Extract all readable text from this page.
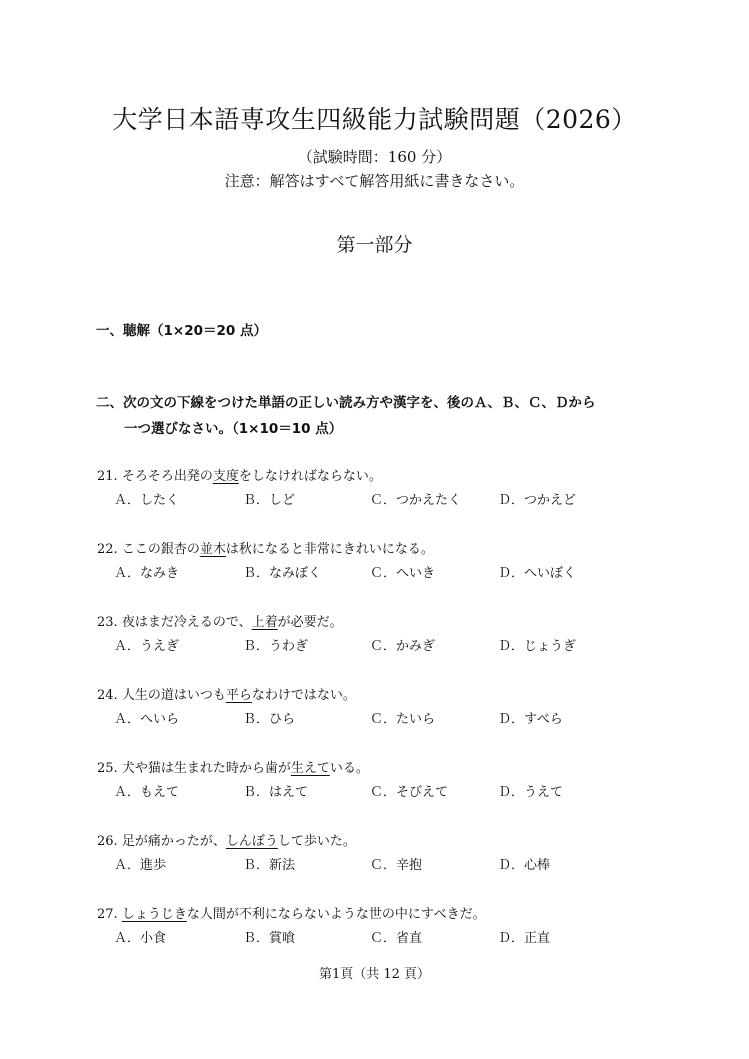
大学日本語専攻生四級能力試験問題（2026）
（試験時間：160 分）
注意：解答はすべて解答用紙に書きなさい。
第一部分
一、聴解（1×20＝20 点）
二、次の文の下線をつけた単語の正しい読み方や漢字を、後のＡ、Ｂ、Ｃ、Ｄから
一つ選びなさい。（1×10＝10 点）
21. そろそろ出発の支度をしなければならない。
Ａ．したく	Ｂ．しど	Ｃ．つかえたく	Ｄ．つかえど
22. ここの銀杏の並木は秋になると非常にきれいになる。
Ａ．なみき	Ｂ．なみぼく	Ｃ．へいき	Ｄ．へいぼく
23. 夜はまだ冷えるので、上着が必要だ。
Ａ．うえぎ	Ｂ．うわぎ	Ｃ．かみぎ	Ｄ．じょうぎ
24. 人生の道はいつも平らなわけではない。
Ａ．へいら	Ｂ．ひら	Ｃ．たいら	Ｄ．すべら
25. 犬や猫は生まれた時から歯が生えている。
Ａ．もえて	Ｂ．はえて	Ｃ．そびえて	Ｄ．うえて
26. 足が痛かったが、しんぼうして歩いた。
Ａ．進歩	Ｂ．新法	Ｃ．辛抱	Ｄ．心棒
27. しょうじきな人間が不利にならないような世の中にすべきだ。
Ａ．小食	Ｂ．賞喰	Ｃ．省直	Ｄ．正直
第1頁（共 12 頁）
